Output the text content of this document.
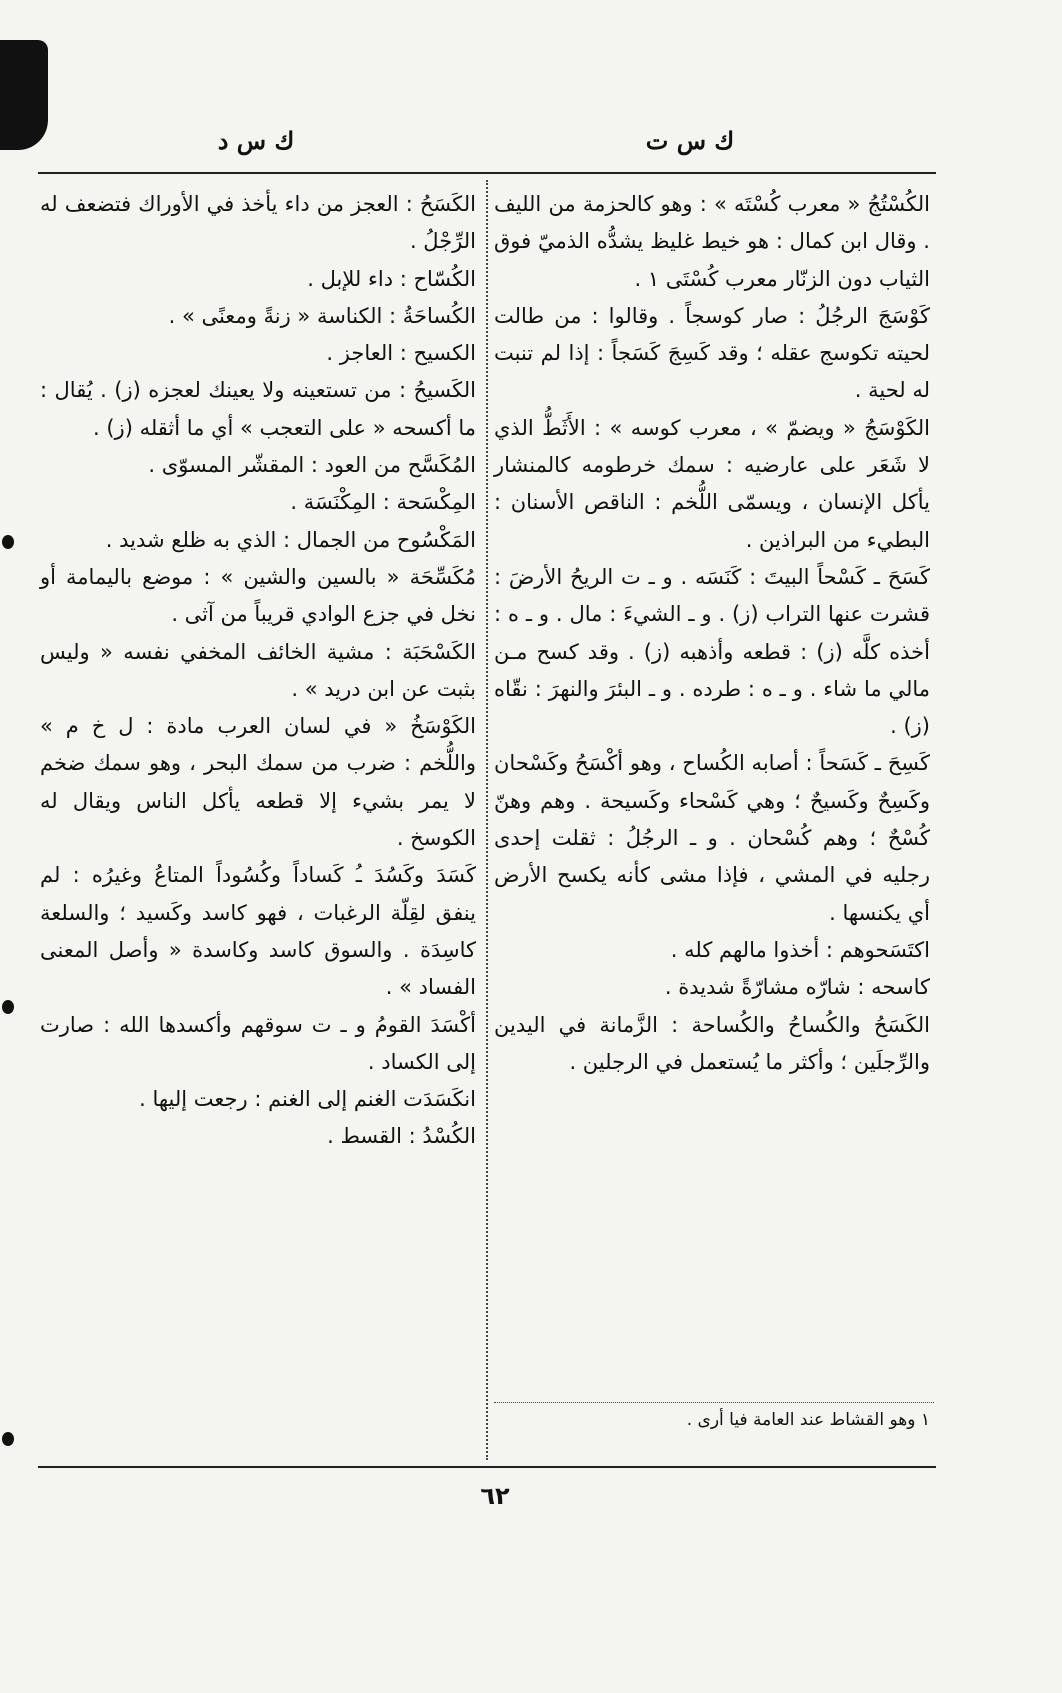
ك س ت
ك س د

الكُسْتُجُ « معرب كُسْتَه » : وهو كالحزمة من الليف . وقال ابن كمال : هو خيط غليظ يشدُّه الذميّ فوق الثياب دون الزنّار معرب كُسْتَى ١ .

كَوْسَجَ الرجُلُ : صار كوسجاً . وقالوا : من طالت لحيته تكوسج عقله ؛ وقد كَسِجَ كَسَجاً : إذا لم تنبت له لحية .

الكَوْسَجُ « ويضمّ » ، معرب كوسه » : الأَثَطُّ الذي لا شَعَر على عارضيه : سمك خرطومه كالمنشار يأكل الإنسان ، ويسمّى اللُّخم : الناقص الأسنان : البطيء من البراذين .

كَسَحَ ـ كَسْحاً البيتَ : كَنَسَه . و ـ ت الريحُ الأرضَ : قشرت عنها التراب (ز) . و ـ الشيءَ : مال . و ـ ه : أخذه كلَّه (ز) : قطعه وأذهبه (ز) . وقد كسح مـن مالي ما شاء . و ـ ه : طرده . و ـ البئرَ والنهرَ : نقّاه (ز) .

كَسِحَ ـ كَسَحاً : أصابه الكُساح ، وهو أكْسَحُ وكَسْحان وكَسِحٌ وكَسيحٌ ؛ وهي كَسْحاء وكَسيحة . وهم وهنّ كُسْحٌ ؛ وهم كُسْحان . و ـ الرجُلُ : ثقلت إحدى رجليه في المشي ، فإذا مشى كأنه يكسح الأرض أي يكنسها .

اكتَسَحوهم : أخذوا مالهم كله .

كاسحه : شارّه مشارّةً شديدة .

الكَسَحُ والكُساحُ والكُساحة : الزَّمانة في اليدين والرِّجلَين ؛ وأكثر ما يُستعمل في الرجلين .

١ وهو القشاط عند العامة فيا أرى .

الكَسَحُ : العجز من داء يأخذ في الأوراك فتضعف له الرِّجْلُ .

الكُسّاح : داء للإبل .

الكُساحَةُ : الكناسة « زنةً ومعنًى » .

الكسيح : العاجز .

الكَسيحُ : من تستعينه ولا يعينك لعجزه (ز) . يُقال : ما أكسحه « على التعجب » أي ما أثقله (ز) .

المُكَسَّح من العود : المقشّر المسوّى .

المِكْسَحة : المِكْنَسَة .

المَكْسُوح من الجمال : الذي به ظلع شديد .

مُكَسِّحَة « بالسين والشين » : موضع باليمامة أو نخل في جزع الوادي قريباً من آثى .

الكَسْحَبَة : مشية الخائف المخفي نفسه « وليس بثبت عن ابن دريد » .

الكَوْسَخُ « في لسان العرب مادة : ل خ م » واللُّخم : ضرب من سمك البحر ، وهو سمك ضخم لا يمر بشيء إلا قطعه يأكل الناس ويقال له الكوسخ .

كَسَدَ وكَسُدَ ـُ كَساداً وكُسُوداً المتاعُ وغيرُه : لم ينفق لقِلّة الرغبات ، فهو كاسد وكَسيد ؛ والسلعة كاسِدَة . والسوق كاسد وكاسدة « وأصل المعنى الفساد » .

أكْسَدَ القومُ و ـ ت سوقهم وأكسدها الله : صارت إلى الكساد .

انكَسَدَت الغنم إلى الغنم : رجعت إليها .

الكُسْدُ : القسط .

٦٢
